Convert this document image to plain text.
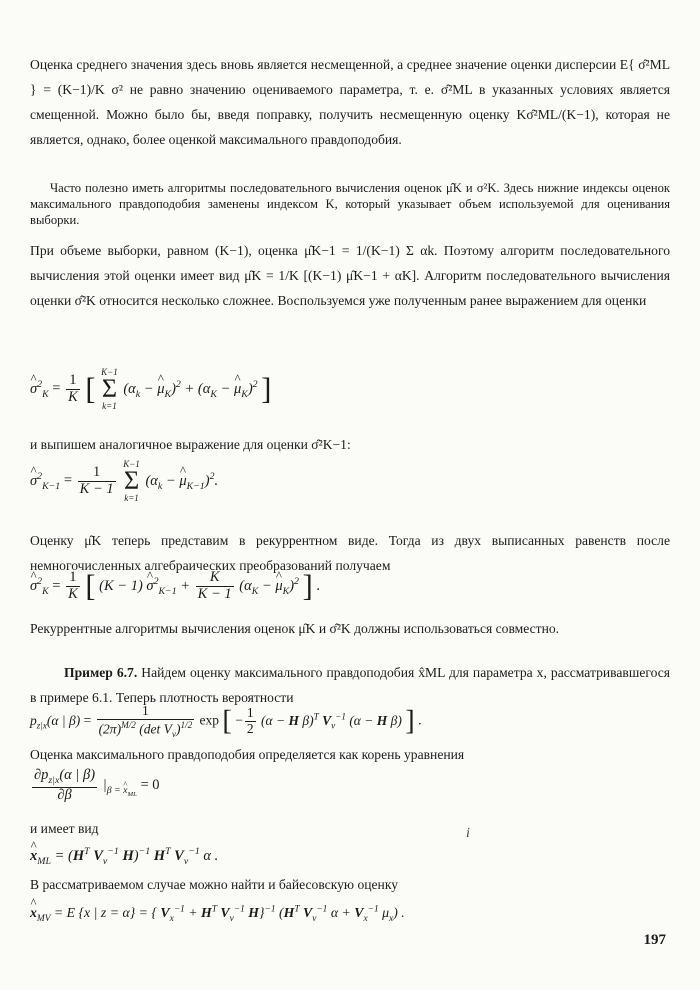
Оценка среднего значения здесь вновь является несмещенной, а среднее значение оценки дисперсии E{ σ̂²ML } = (K−1)/K σ² не равно значению оцениваемого параметра, т. е. σ̂²ML в указанных условиях является смещенной. Можно было бы, введя поправку, получить несмещенную оценку Kσ̂²ML/(K−1), которая не является, однако, более оценкой максимального правдоподобия.

Часто полезно иметь алгоритмы последовательного вычисления оценок μ̂K и σ²K. Здесь нижние индексы оценок максимального правдоподобия заменены индексом K, который указывает объем используемой для оценивания выборки.

При объеме выборки, равном (K−1), оценка μ̂K−1 = 1/(K−1) Σ αk. Поэтому алгоритм последовательного вычисления этой оценки имеет вид μ̂K = 1/K [(K−1) μ̂K−1 + αK]. Алгоритм последовательного вычисления оценки σ̂²K относится несколько сложнее. Воспользуемся уже полученным ранее выражением для оценки

^ $\sigma^2_K = \frac{1}{K}$ [
K−1
Σ
k=1
($\alpha_k$ − ^ $\mu_K)^2 + (\alpha_K$ − ^ $\mu_K)^2$ ]

и выпишем аналогичное выражение для оценки σ̂²K−1:

^ $\sigma^2_{K-1} = \frac{1}{K - 1}$

K−1
Σ
k=1
($\alpha_k$ − ^ $\mu_{K-1})^2$.

Оценку μ̂K теперь представим в рекуррентном виде. Тогда из двух выписанных равенств после немногочисленных алгебраических преобразований получаем

^ $\sigma^2_K = \frac{1}{K}$ [ (K − 1) ^ $\sigma^2_{K-1} + \frac{K}{K - 1} (\alpha_K$ − ^ $\mu_K)^2$ ] .

Рекуррентные алгоритмы вычисления оценок μ̂K и σ̂²K должны использоваться совместно.

Пример 6.7. Найдем оценку максимального правдоподобия x̂ML для параметра x, рассматривавшегося в примере 6.1. Теперь плотность вероятности

$p_{z|x}(\alpha$ | $\beta) = \frac{1}{(2\pi)^{M/2} (\det V_v)^{1/2}}$ exp [ − $\frac{1}{2} (\alpha - H$ β)$^T$ $V_v^{-1}$ (α − H β) ] .

Оценка максимального правдоподобия определяется как корень уравнения

$\frac{\partial p_{z|x}(\alpha | \beta)}{\partial\beta} |_{\beta = \^{} x_{ML}} = 0$

и имеет вид

^ $x_{ML} = (H^T$ $V_v^{-1}$ H)$^{-1}$ $H^T$ $V_v^{-1}$ α .

В рассматриваемом случае можно найти и байесовскую оценку

^ $x_{MV} = E$ {x | z = α} = { $V_x^{-1} + H^T$ $V_v^{-1}$ H}$^{-1}$ ($H^T$ $V_v^{-1}$ $\alpha + V_x^{-1}$ $\mu_x$) .
i
197
